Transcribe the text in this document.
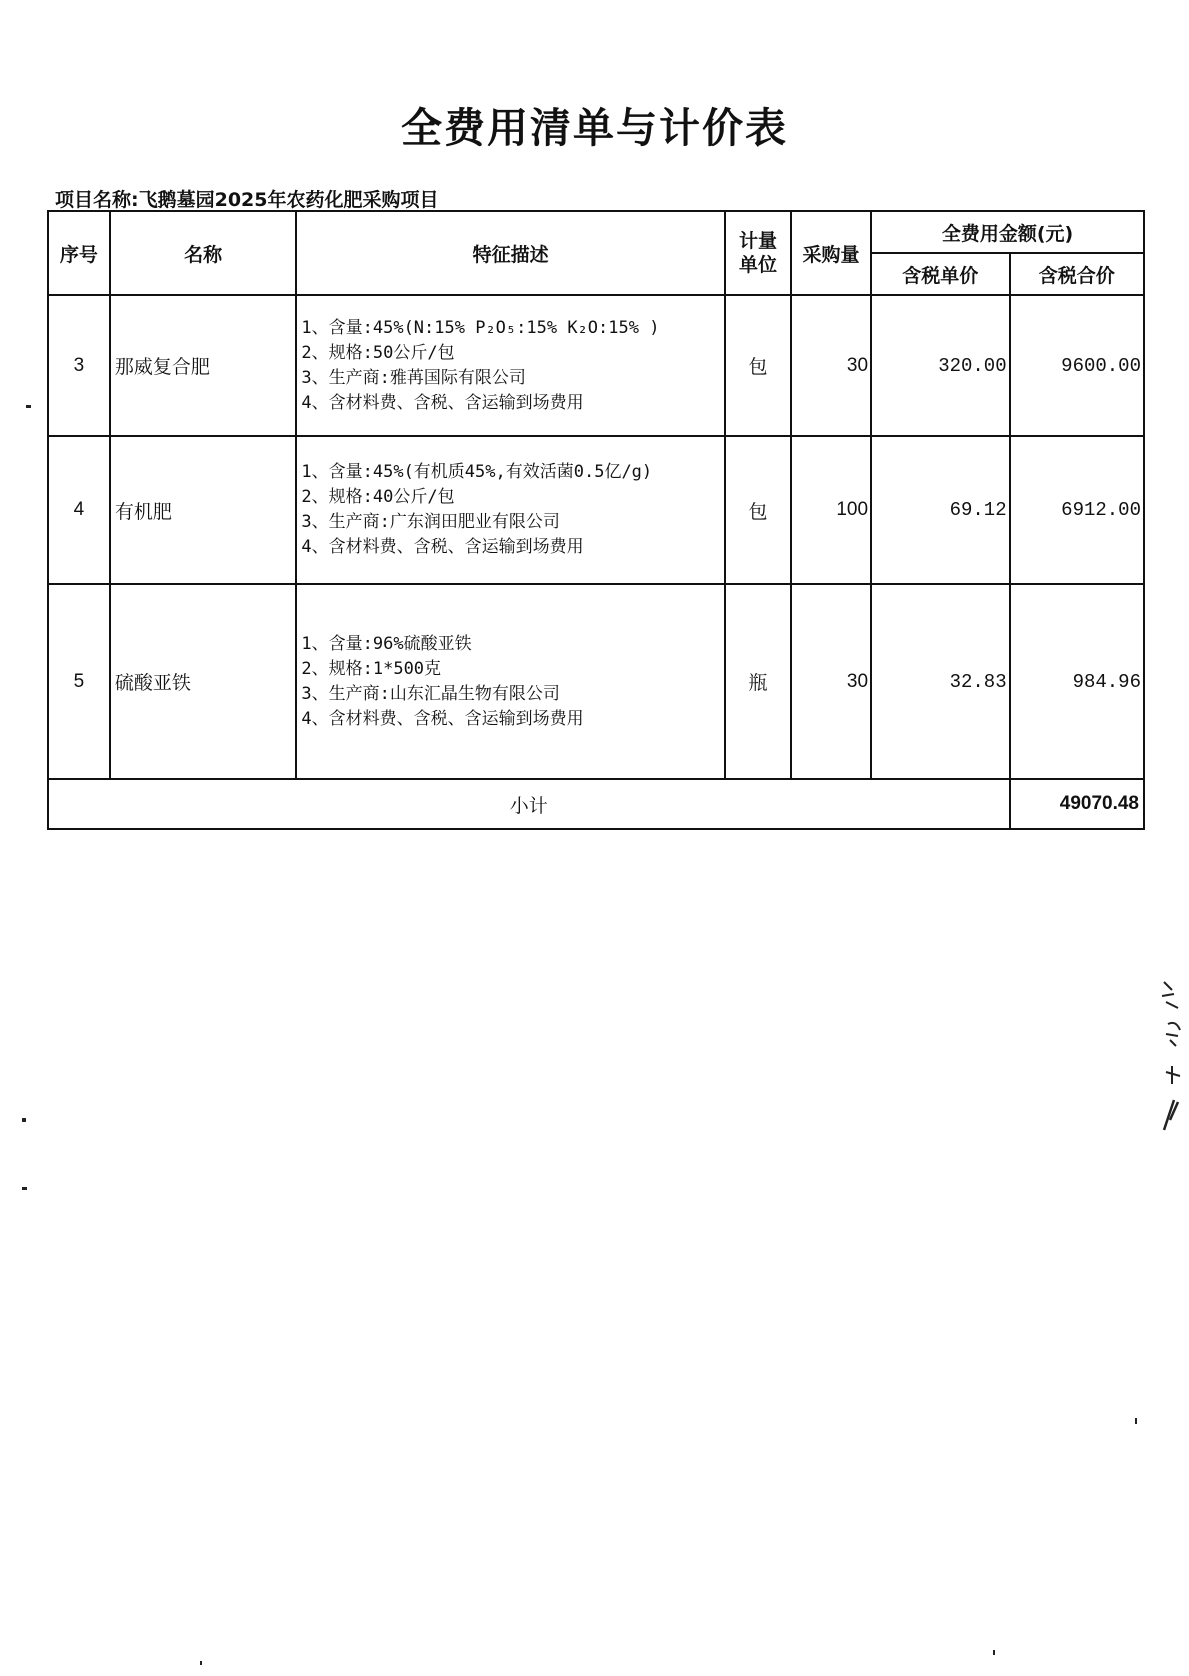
全费用清单与计价表
项目名称:飞鹅墓园2025年农药化肥采购项目
序号	名称	特征描述	计量单位	采购量	全费用金额(元)	
					含税单价	含税合价
3	那威复合肥	1、含量:45%(N:15% P₂O₅:15% K₂O:15% )
2、规格:50公斤/包
3、生产商:雅苒国际有限公司
4、含材料费、含税、含运输到场费用	包	30	320.00	9600.00
4	有机肥	1、含量:45%(有机质45%,有效活菌0.5亿/g)
2、规格:40公斤/包
3、生产商:广东润田肥业有限公司
4、含材料费、含税、含运输到场费用	包	100	69.12	6912.00
5	硫酸亚铁	1、含量:96%硫酸亚铁
2、规格:1*500克
3、生产商:山东汇晶生物有限公司
4、含材料费、含税、含运输到场费用	瓶	30	32.83	984.96
小计						49070.48
